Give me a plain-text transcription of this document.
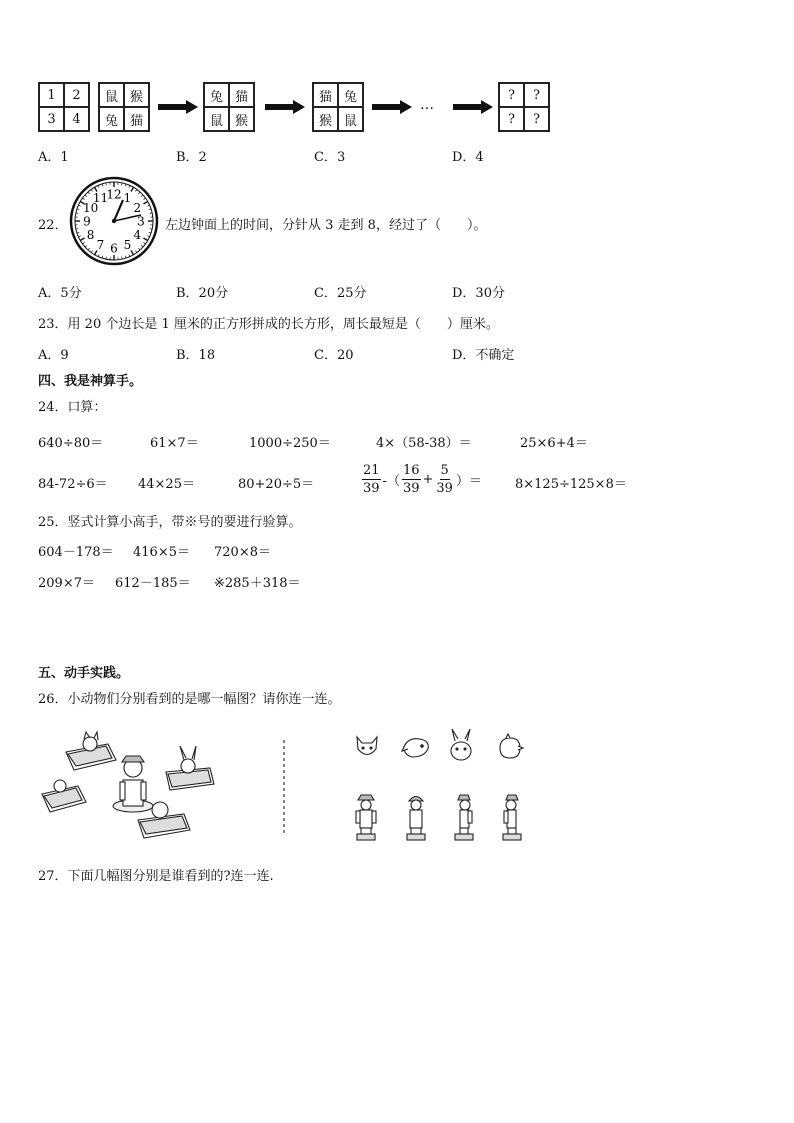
1	2
3	4
鼠 猴
兔 猫
兔 猫
鼠 猴
猫 兔
猴 鼠
?	?
?	?
…
A．1	B．2	C．3	D．4
22．
12 1
2
3
4
5
6
7
8
9
10
11
左边钟面上的时间，分针从 3 走到 8，经过了（　　）。
A．5分	B．20分	C．25分	D．30分
23．用 20 个边长是 1 厘米的正方形拼成的长方形，周长最短是（　　）厘米。
A．9	B．18	C．20	D．不确定
四、我是神算手。
24．口算：
640÷80＝	61×7＝	1000÷250＝	4×（58-38）＝	25×6+4＝
84-72÷6＝ 44×25＝	80+20÷5＝	$\frac{21}{39}$ -（ $\frac{16}{39} + \frac{5}{39}$ ）＝	8×125÷125×8＝
25．竖式计算小高手，带※号的要进行验算。
604－178＝ 416×5＝ 720×8＝
209×7＝ 612－185＝ ※285＋318＝
五、动手实践。
26．小动物们分别看到的是哪一幅图？请你连一连。
27．下面几幅图分别是谁看到的?连一连.
